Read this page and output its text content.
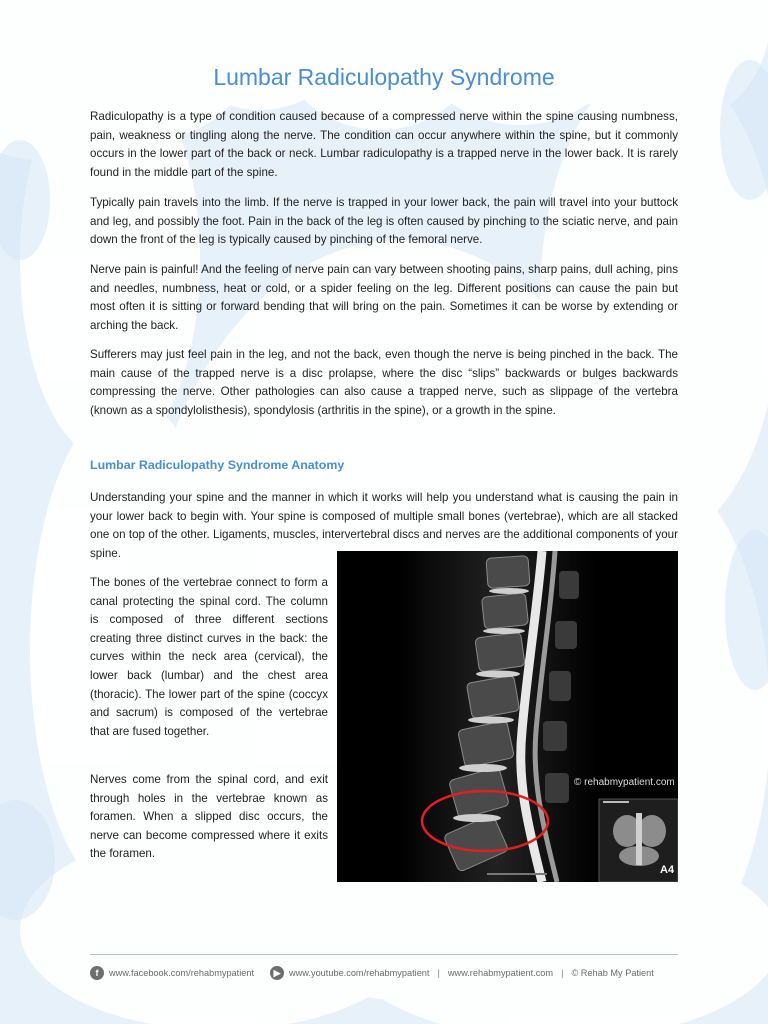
Lumbar Radiculopathy Syndrome

Radiculopathy is a type of condition caused because of a compressed nerve within the spine causing numbness, pain, weakness or tingling along the nerve. The condition can occur anywhere within the spine, but it commonly occurs in the lower part of the back or neck. Lumbar radiculopathy is a trapped nerve in the lower back. It is rarely found in the middle part of the spine.

Typically pain travels into the limb. If the nerve is trapped in your lower back, the pain will travel into your buttock and leg, and possibly the foot. Pain in the back of the leg is often caused by pinching to the sciatic nerve, and pain down the front of the leg is typically caused by pinching of the femoral nerve.

Nerve pain is painful! And the feeling of nerve pain can vary between shooting pains, sharp pains, dull aching, pins and needles, numbness, heat or cold, or a spider feeling on the leg. Different positions can cause the pain but most often it is sitting or forward bending that will bring on the pain. Sometimes it can be worse by extending or arching the back.

Sufferers may just feel pain in the leg, and not the back, even though the nerve is being pinched in the back. The main cause of the trapped nerve is a disc prolapse, where the disc “slips” backwards or bulges backwards compressing the nerve. Other pathologies can also cause a trapped nerve, such as slippage of the vertebra (known as a spondylolisthesis), spondylosis (arthritis in the spine), or a growth in the spine.

Lumbar Radiculopathy Syndrome Anatomy

Understanding your spine and the manner in which it works will help you understand what is causing the pain in your lower back to begin with. Your spine is composed of multiple small bones (vertebrae), which are all stacked one on top of the other. Ligaments, muscles, intervertebral discs and nerves are the additional components of your spine.

The bones of the vertebrae connect to form a canal protecting the spinal cord. The column is composed of three different sections creating three distinct curves in the back: the curves within the neck area (cervical), the lower back (lumbar) and the chest area (thoracic). The lower part of the spine (coccyx and sacrum) is composed of the vertebrae that are fused together.

Nerves come from the spinal cord, and exit through holes in the vertebrae known as foramen. When a slipped disc occurs, the nerve can become compressed where it exits the foramen.

© rehabmypatient.com
A4
f	www.facebook.com/rehabmypatient	▶ www.youtube.com/rehabmypatient | www.rehabmypatient.com | © Rehab My Patient
